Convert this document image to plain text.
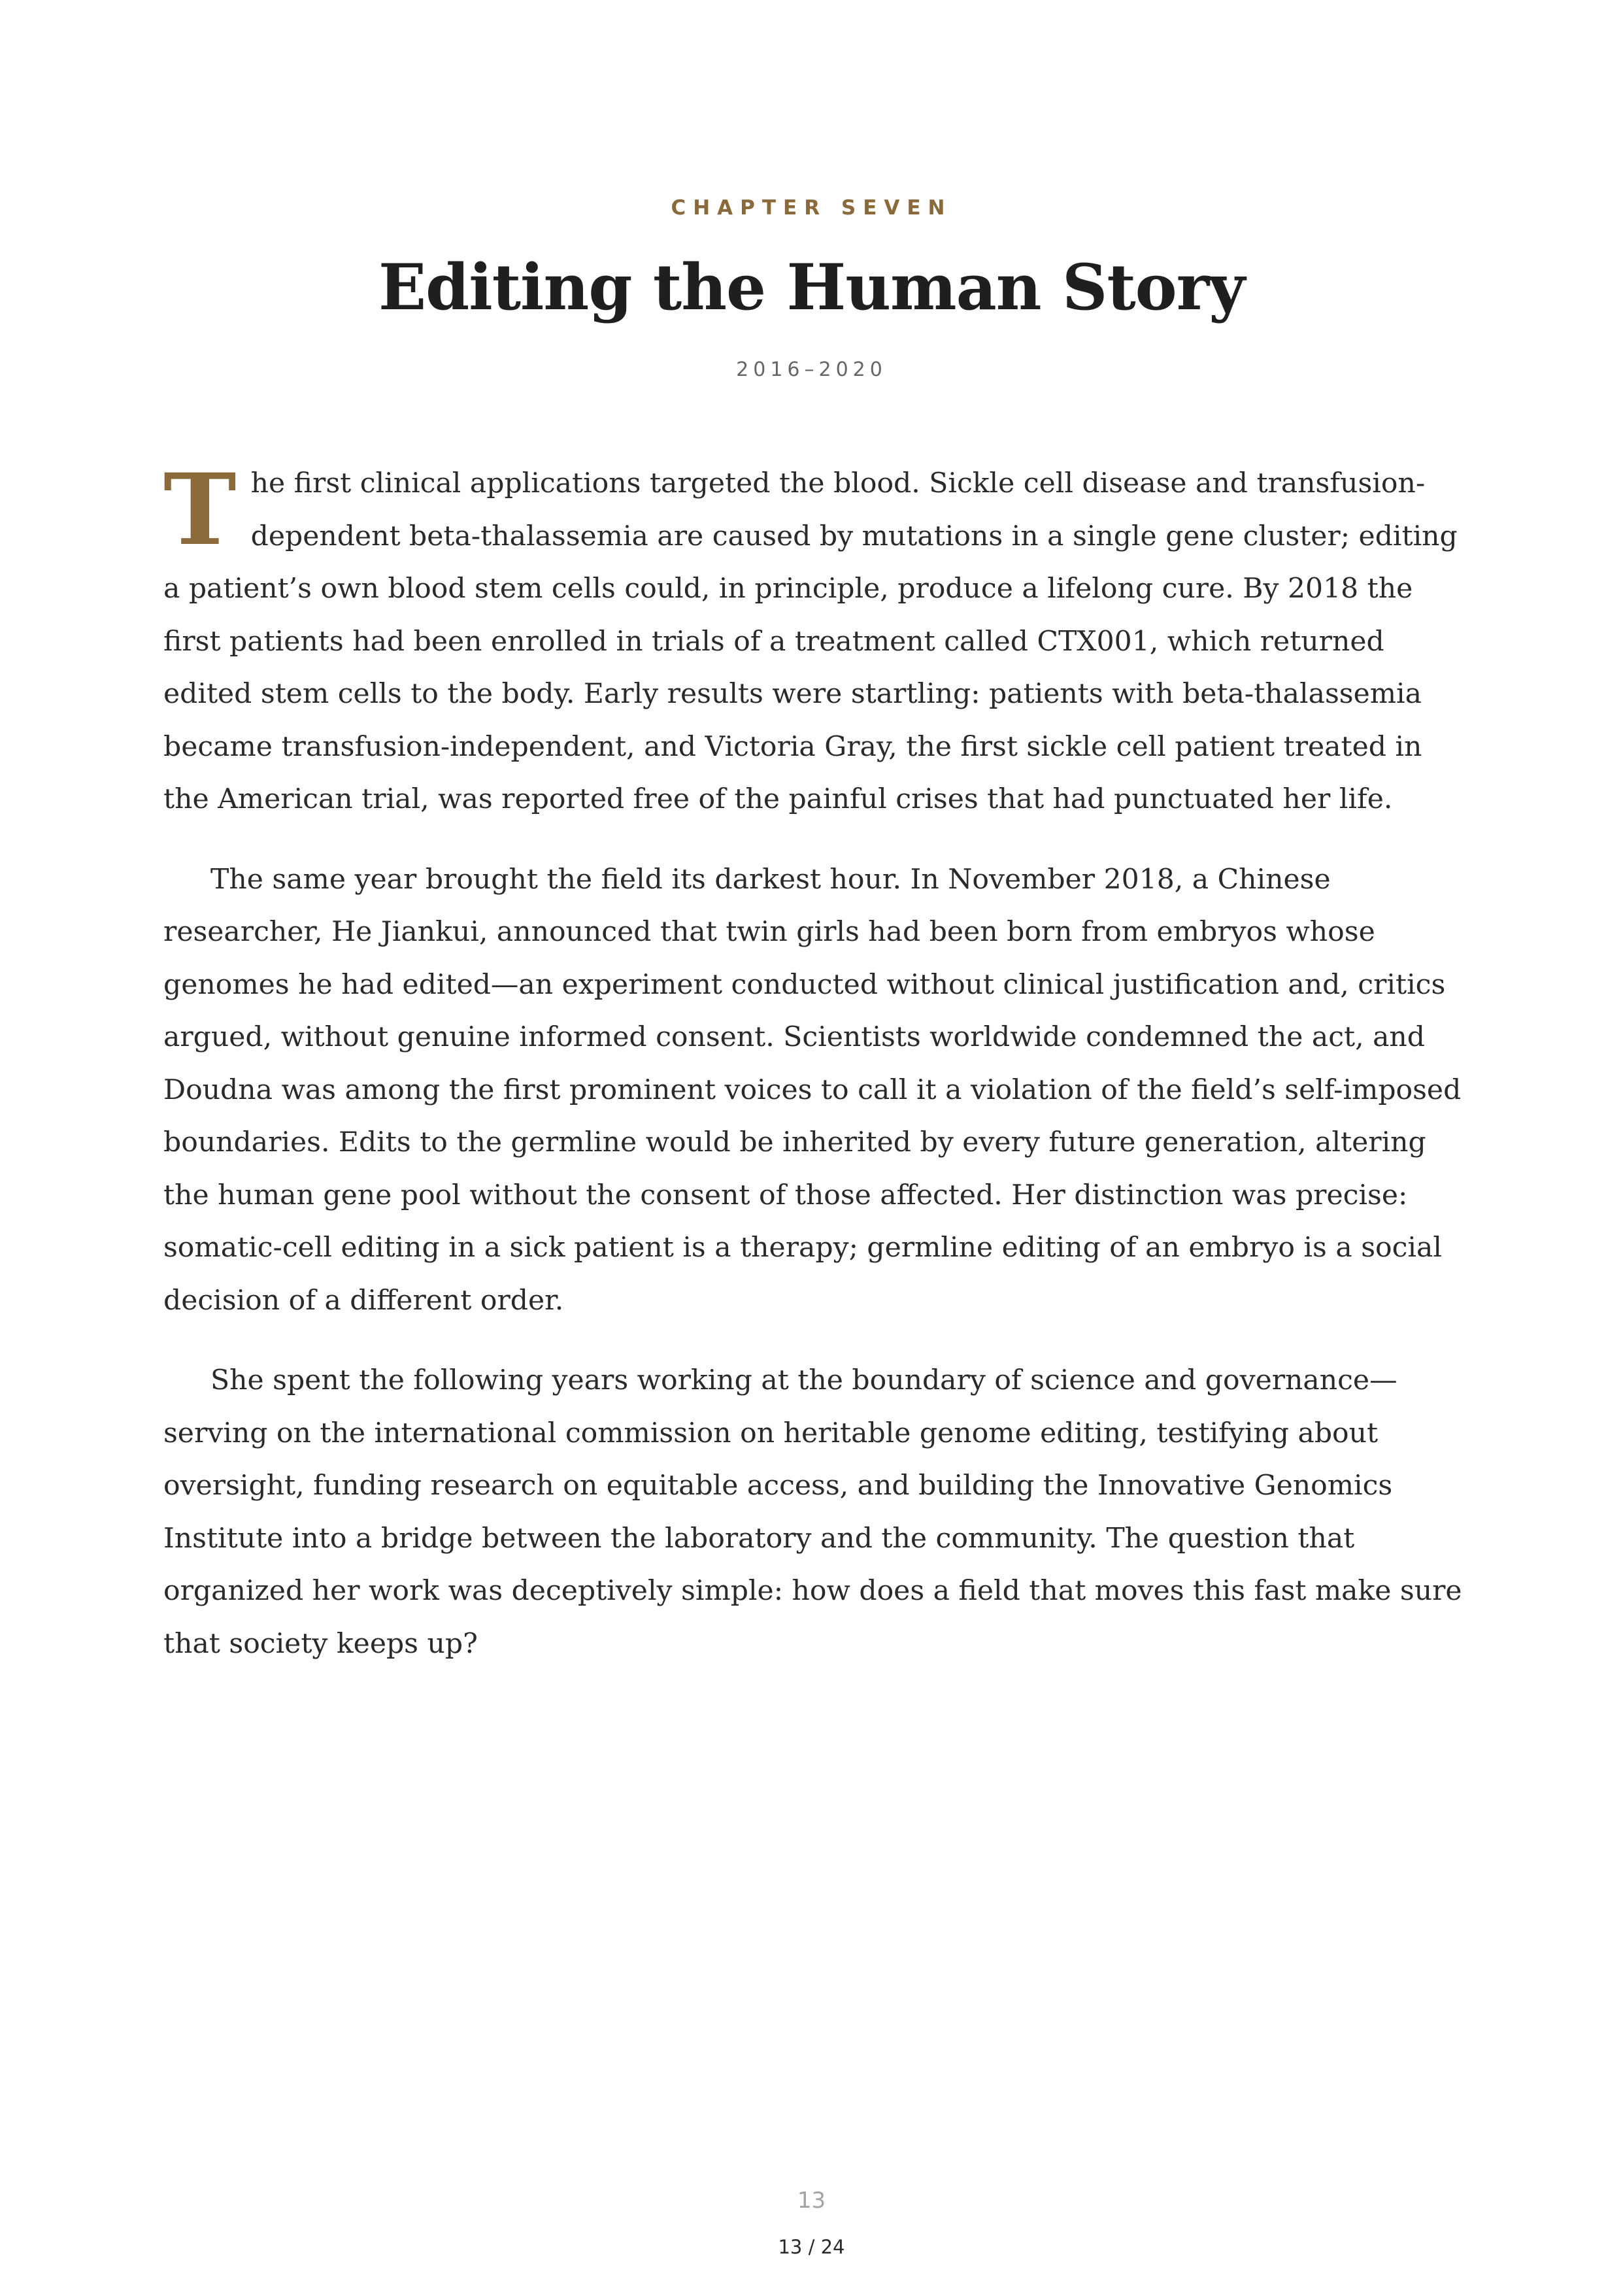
CHAPTER SEVEN
Editing the Human Story
2016–2020

The first clinical applications targeted the blood. Sickle cell disease and transfusion-dependent beta-thalassemia are caused by mutations in a single gene cluster; editing a patient’s own blood stem cells could, in principle, produce a lifelong cure. By 2018 the first patients had been enrolled in trials of a treatment called CTX001, which returned edited stem cells to the body. Early results were startling: patients with beta-thalassemia became transfusion-independent, and Victoria Gray, the first sickle cell patient treated in the American trial, was reported free of the painful crises that had punctuated her life.

The same year brought the field its darkest hour. In November 2018, a Chinese researcher, He Jiankui, announced that twin girls had been born from embryos whose genomes he had edited—an experiment conducted without clinical justification and, critics argued, without genuine informed consent. Scientists worldwide condemned the act, and Doudna was among the first prominent voices to call it a violation of the field’s self-imposed boundaries. Edits to the germline would be inherited by every future generation, altering the human gene pool without the consent of those affected. Her distinction was precise: somatic-cell editing in a sick patient is a therapy; germline editing of an embryo is a social decision of a different order.

She spent the following years working at the boundary of science and governance—serving on the international commission on heritable genome editing, testifying about oversight, funding research on equitable access, and building the Innovative Genomics Institute into a bridge between the laboratory and the community. The question that organized her work was deceptively simple: how does a field that moves this fast make sure that society keeps up?

13
13 / 24
